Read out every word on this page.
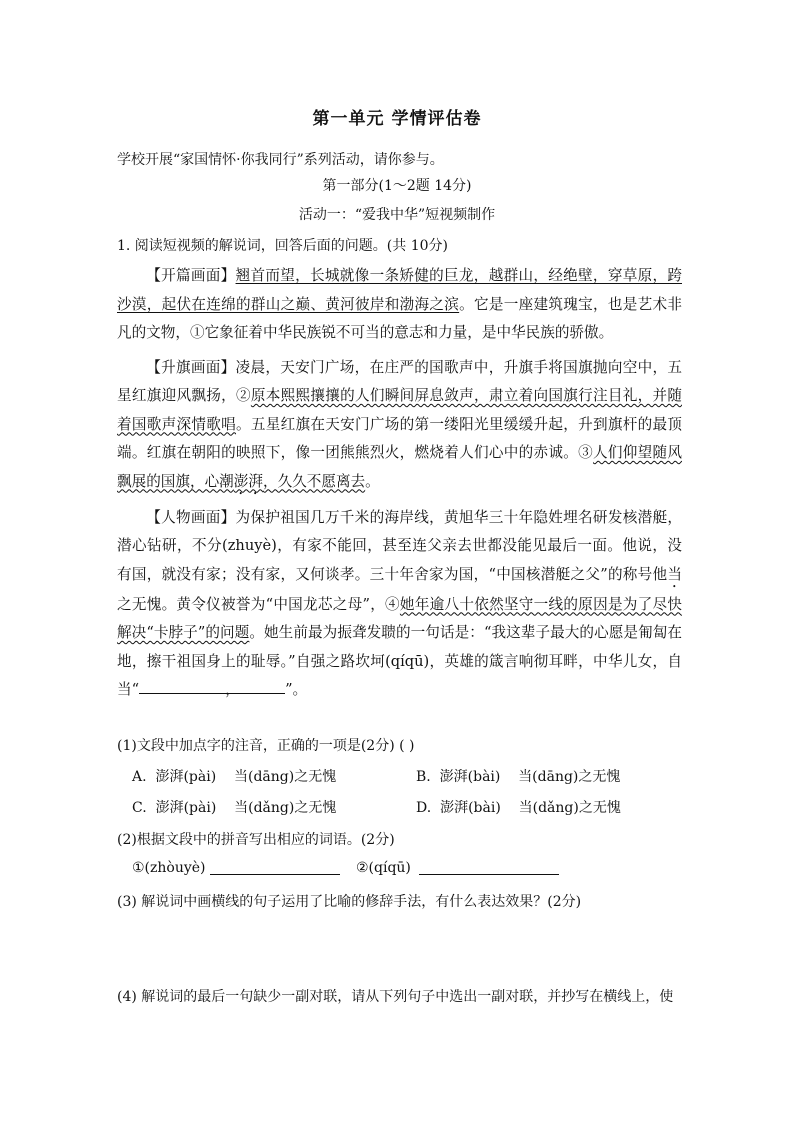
第一单元 学情评估卷
学校开展“家国情怀·你我同行”系列活动，请你参与。
第一部分(1～2题 14分)
活动一：“爱我中华”短视频制作
1. 阅读短视频的解说词，回答后面的问题。(共 10分)

【开篇画面】翘首而望，长城就像一条矫健的巨龙，越群山，经绝壁，穿草原，跨沙漠，起伏在连绵的群山之巅、黄河彼岸和渤海之滨。它是一座建筑瑰宝，也是艺术非凡的文物，①它象征着中华民族锐不可当的意志和力量，是中华民族的骄傲。

【升旗画面】凌晨，天安门广场，在庄严的国歌声中，升旗手将国旗抛向空中，五星红旗迎风飘扬，②原本熙熙攘攘的人们瞬间屏息敛声，肃立着向国旗行注目礼，并随着国歌声深情歌唱。五星红旗在天安门广场的第一缕阳光里缓缓升起，升到旗杆的最顶端。红旗在朝阳的映照下，像一团熊熊烈火，燃烧着人们心中的赤诚。③人们仰望随风飘展的国旗，心潮澎湃，久久不愿离去。

【人物画面】为保护祖国几万千米的海岸线，黄旭华三十年隐姓埋名研发核潜艇，潜心钻研，不分(zhuyè)，有家不能回，甚至连父亲去世都没能见最后一面。他说，没有国，就没有家；没有家，又何谈孝。三十年舍家为国，“中国核潜艇之父”的称号他当之无愧。黄令仪被誉为“中国龙芯之母”，④她年逾八十依然坚守一线的原因是为了尽快解决“卡脖子”的问题。她生前最为振聋发聩的一句话是：“我这辈子最大的心愿是匍匐在地，擦干祖国身上的耻辱。”自强之路坎坷(qíqū)，英雄的箴言响彻耳畔，中华儿女，自当“	，	”。

(1)文段中加点字的注音，正确的一项是(2分) ( )
A. 澎湃(pài) 当(dāng)之无愧	B. 澎湃(bài) 当(dāng)之无愧
C. 澎湃(pài) 当(dǎng)之无愧	D. 澎湃(bài) 当(dǎng)之无愧
(2)根据文段中的拼音写出相应的词语。(2分)
①(zhòuyè)	②(qíqū)
(3) 解说词中画横线的句子运用了比喻的修辞手法，有什么表达效果？(2分)
(4) 解说词的最后一句缺少一副对联，请从下列句子中选出一副对联，并抄写在横线上，使
